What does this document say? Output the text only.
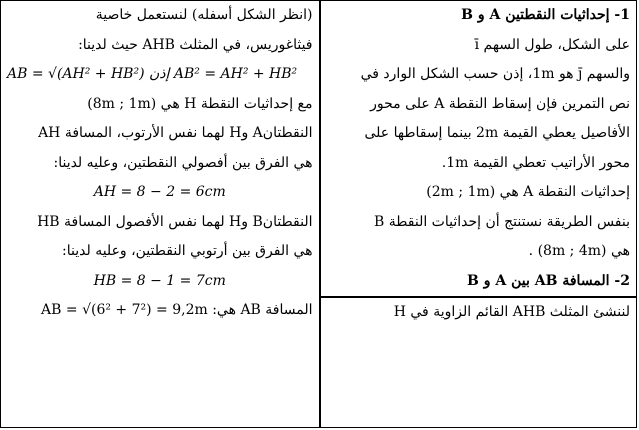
1- إحداثيات النقطتين A و B
على الشكل، طول السهم ī
والسهم j̄ هو 1m، إذن حسب الشكل الوارد في
نص التمرين فإن إسقاط النقطة A على محور
الأفاصيل يعطي القيمة 2m بينما إسقاطها على
محور الأراتيب تعطي القيمة 1m.
إحداثيات النقطة A هي (2m ; 1m)
بنفس الطريقة نستنتج أن إحداثيات النقطة B
هي (8m ; 4m) .
2- المسافة AB بين A و B
لننشئ المثلث AHB القائم الزاوية في H
(انظر الشكل أسفله) لنستعمل خاصية
فيثاغوريس، في المثلث AHB حيث لدينا:
AB = √(AH² + HB²) إذن AB² = AH² + HB²
مع إحداثيات النقطة H هي (8m ; 1m)
النقطتانA وH لهما نفس الأرتوب، المسافة AH
هي الفرق بين أفصولي النقطتين، وعليه لدينا:
AH = 8 − 2 = 6cm
النقطتانB وH لهما نفس الأفصول المسافة HB
هي الفرق بين أرتوبي النقطتين، وعليه لدينا:
HB = 8 − 1 = 7cm
المسافة AB هي: AB = √(6² + 7²) = 9,2m
